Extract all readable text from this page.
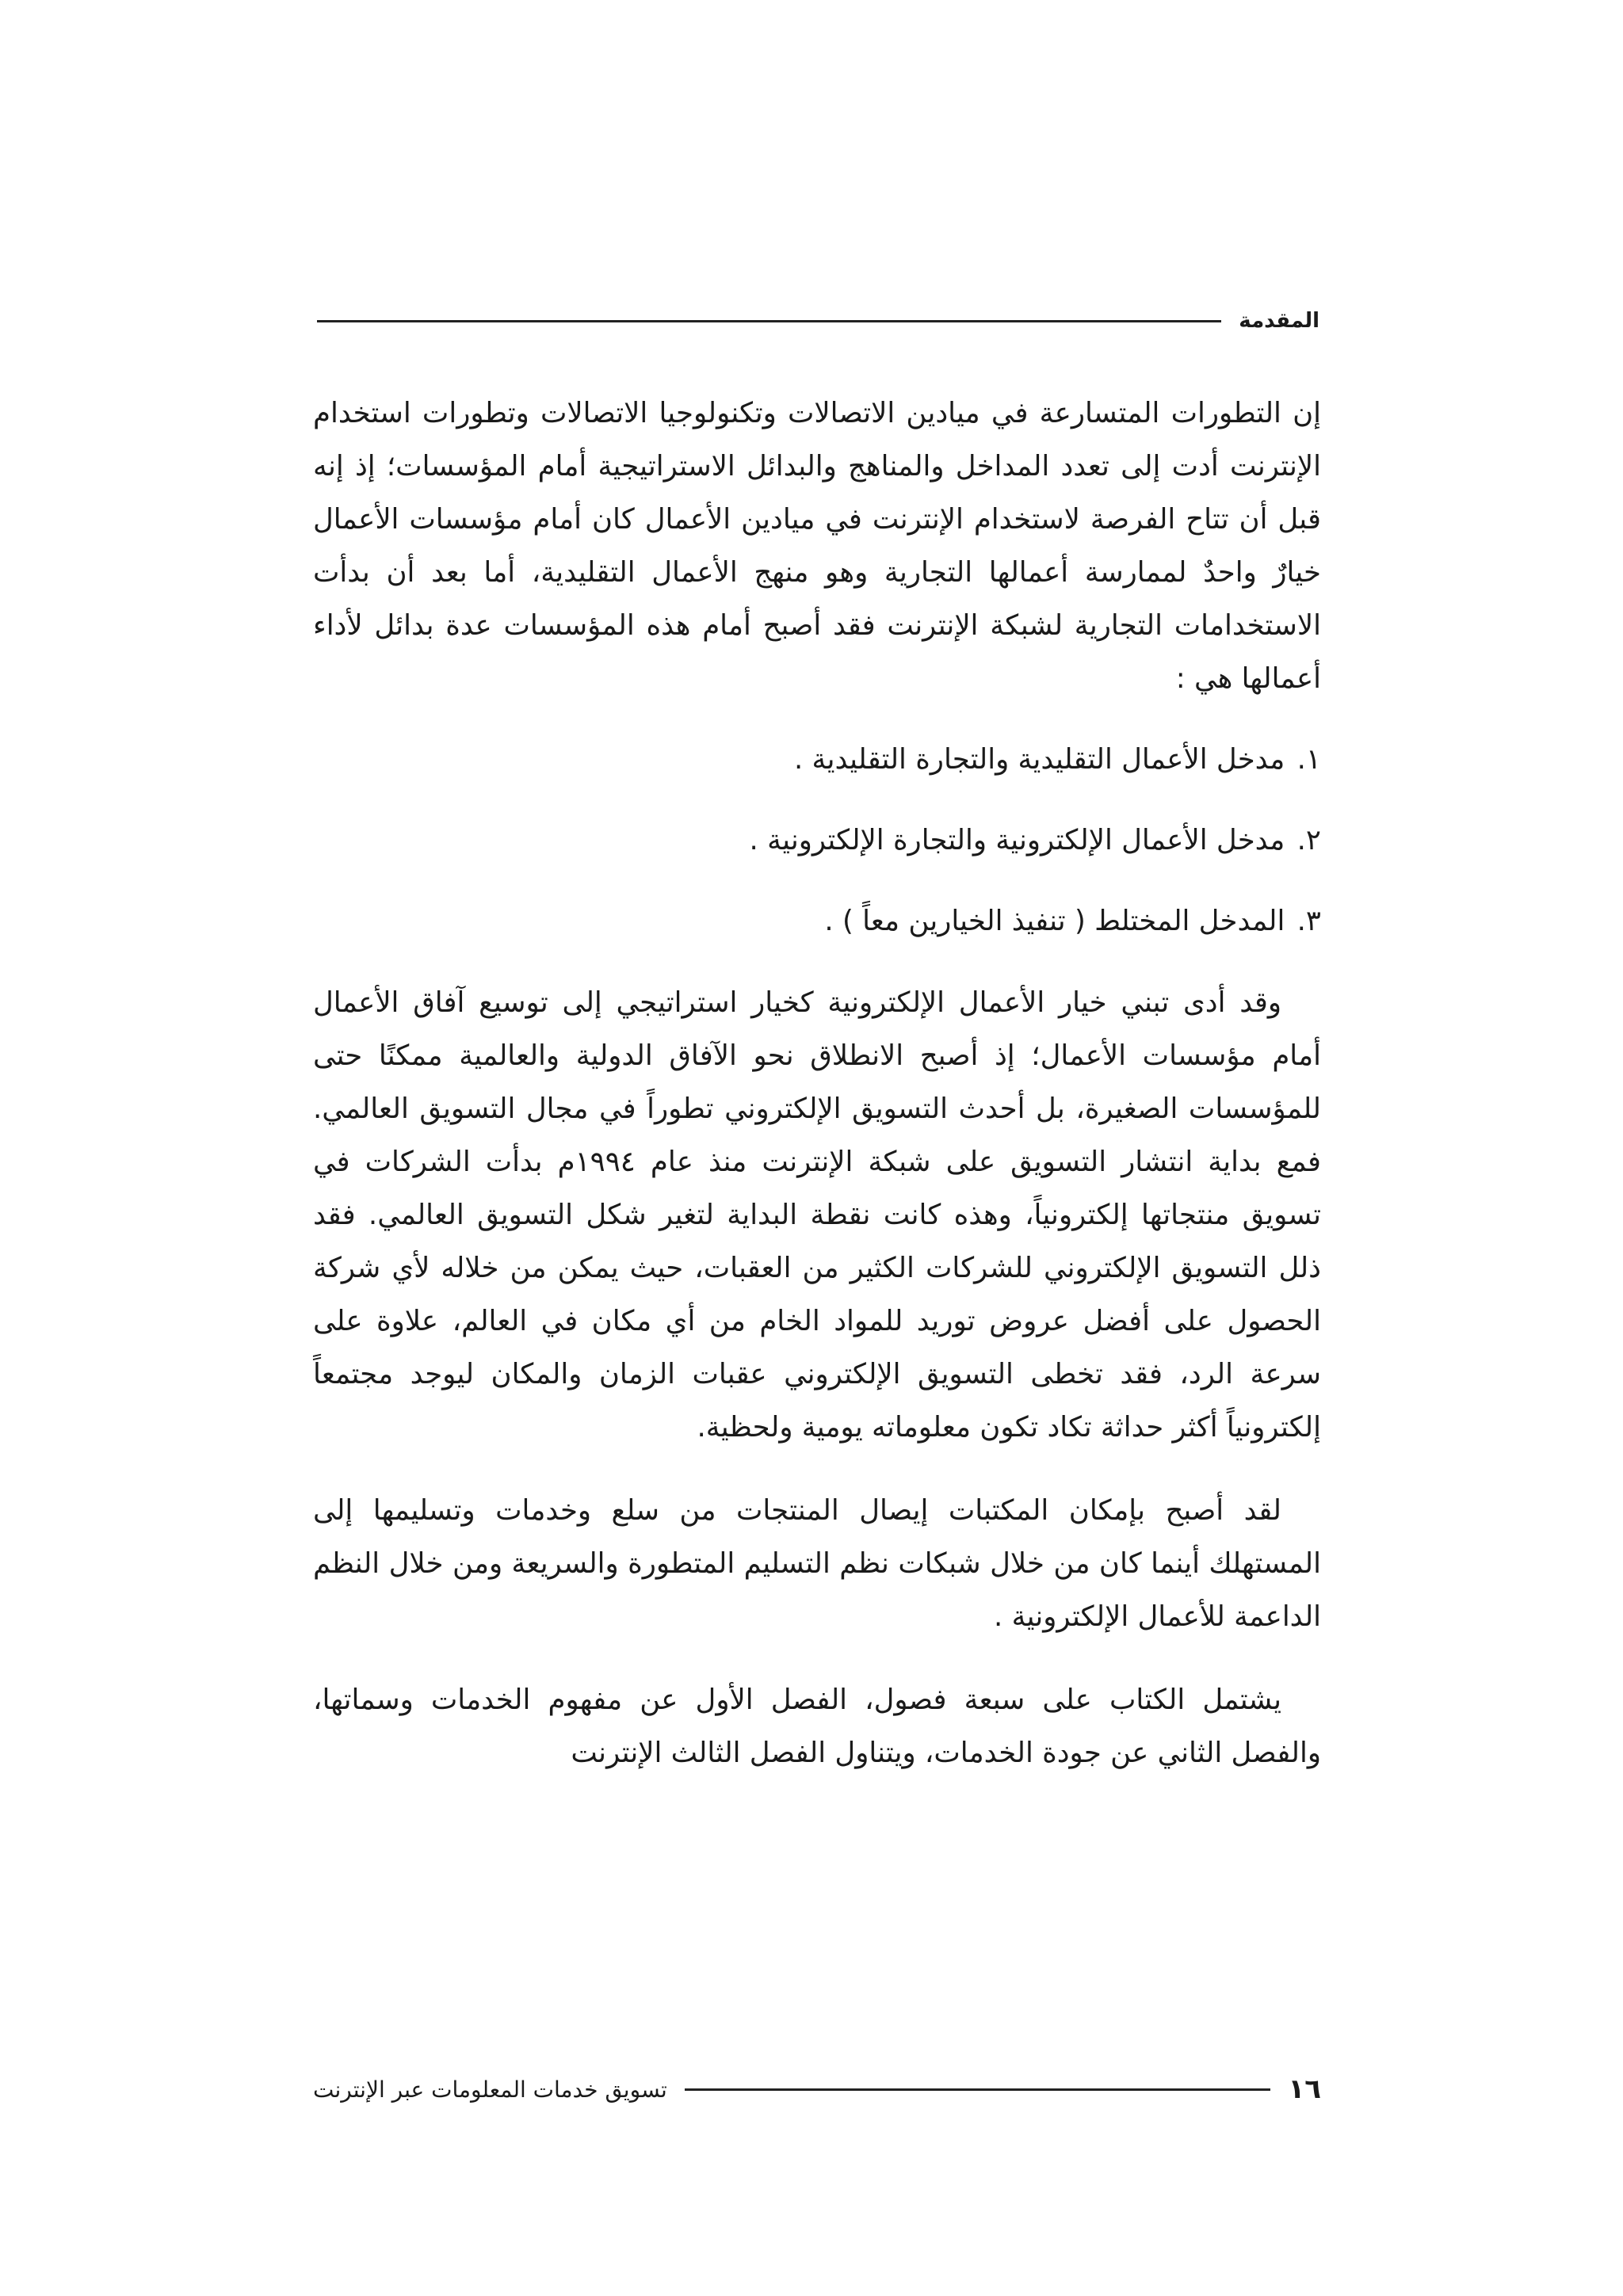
المقدمة

إن التطورات المتسارعة في ميادين الاتصالات وتكنولوجيا الاتصالات وتطورات استخدام الإنترنت أدت إلى تعدد المداخل والمناهج والبدائل الاستراتيجية أمام المؤسسات؛ إذ إنه قبل أن تتاح الفرصة لاستخدام الإنترنت في ميادين الأعمال كان أمام مؤسسات الأعمال خيارٌ واحدٌ لممارسة أعمالها التجارية وهو منهج الأعمال التقليدية، أما بعد أن بدأت الاستخدامات التجارية لشبكة الإنترنت فقد أصبح أمام هذه المؤسسات عدة بدائل لأداء أعمالها هي :

١. مدخل الأعمال التقليدية والتجارة التقليدية .
٢. مدخل الأعمال الإلكترونية والتجارة الإلكترونية .
٣. المدخل المختلط ( تنفيذ الخيارين معاً ) .

وقد أدى تبني خيار الأعمال الإلكترونية كخيار استراتيجي إلى توسيع آفاق الأعمال أمام مؤسسات الأعمال؛ إذ أصبح الانطلاق نحو الآفاق الدولية والعالمية ممكنًا حتى للمؤسسات الصغيرة، بل أحدث التسويق الإلكتروني تطوراً في مجال التسويق العالمي. فمع بداية انتشار التسويق على شبكة الإنترنت منذ عام ١٩٩٤م بدأت الشركات في تسويق منتجاتها إلكترونياً، وهذه كانت نقطة البداية لتغير شكل التسويق العالمي. فقد ذلل التسويق الإلكتروني للشركات الكثير من العقبات، حيث يمكن من خلاله لأي شركة الحصول على أفضل عروض توريد للمواد الخام من أي مكان في العالم، علاوة على سرعة الرد، فقد تخطى التسويق الإلكتروني عقبات الزمان والمكان ليوجد مجتمعاً إلكترونياً أكثر حداثة تكاد تكون معلوماته يومية ولحظية.

لقد أصبح بإمكان المكتبات إيصال المنتجات من سلع وخدمات وتسليمها إلى المستهلك أينما كان من خلال شبكات نظم التسليم المتطورة والسريعة ومن خلال النظم الداعمة للأعمال الإلكترونية .

يشتمل الكتاب على سبعة فصول، الفصل الأول عن مفهوم الخدمات وسماتها، والفصل الثاني عن جودة الخدمات، ويتناول الفصل الثالث الإنترنت

١٦
تسويق خدمات المعلومات عبر الإنترنت
